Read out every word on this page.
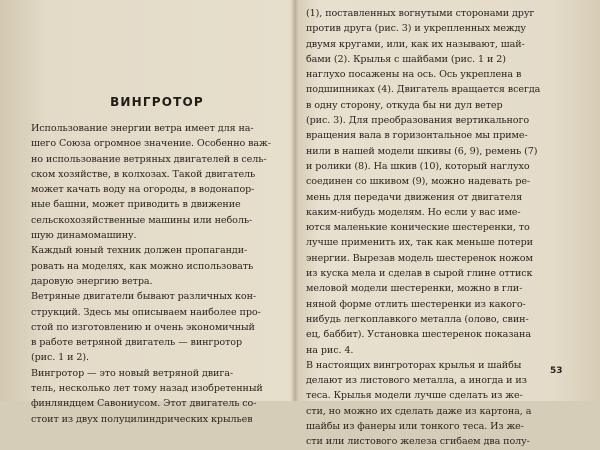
ВИНГРОТОР
Использование энергии ветра имеет для на-
шего Союза огромное значение. Особенно важ-
но использование ветряных двигателей в сель-
ском хозяйстве, в колхозах. Такой двигатель
может качать воду на огороды, в водонапор-
ные башни, может приводить в движение
сельскохозяйственные машины или неболь-
шую динамомашину.
Каждый юный техник должен пропаганди-
ровать на моделях, как можно использовать
даровую энергию ветра.
Ветряные двигатели бывают различных кон-
струкций. Здесь мы описываем наиболее про-
стой по изготовлению и очень экономичный
в работе ветряной двигатель — вингротор
(рис. 1 и 2).
Вингротор — это новый ветряной двига-
тель, несколько лет тому назад изобретенный
финляндцем Савониусом. Этот двигатель со-
стоит из двух полуцилиндрических крыльев
(1), поставленных вогнутыми сторонами друг
против друга (рис. 3) и укрепленных между
двумя кругами, или, как их называют, шай-
бами (2). Крылья с шайбами (рис. 1 и 2)
наглухо посажены на ось. Ось укреплена в
подшипниках (4). Двигатель вращается всегда
в одну сторону, откуда бы ни дул ветер
(рис. 3). Для преобразования вертикального
вращения вала в горизонтальное мы приме-
нили в нашей модели шкивы (6, 9), ремень (7)
и ролики (8). На шкив (10), который наглухо
соединен со шкивом (9), можно надевать ре-
мень для передачи движения от двигателя
каким-нибудь моделям. Но если у вас име-
ются маленькие конические шестеренки, то
лучше применить их, так как меньше потери
энергии. Вырезав модель шестеренок ножом
из куска мела и сделав в сырой глине оттиск
меловой модели шестеренки, можно в гли-
няной форме отлить шестеренки из какого-
нибудь легкоплавкого металла (олово, свин-
ец, баббит). Установка шестеренок показана
на рис. 4.
В настоящих вингроторах крылья и шайбы
делают из листового металла, а иногда и из
теса. Крылья модели лучше сделать из же-
сти, но можно их сделать даже из картона, а
шайбы из фанеры или тонкого теса. Из же-
сти или листового железа сгибаем два полу-
53
